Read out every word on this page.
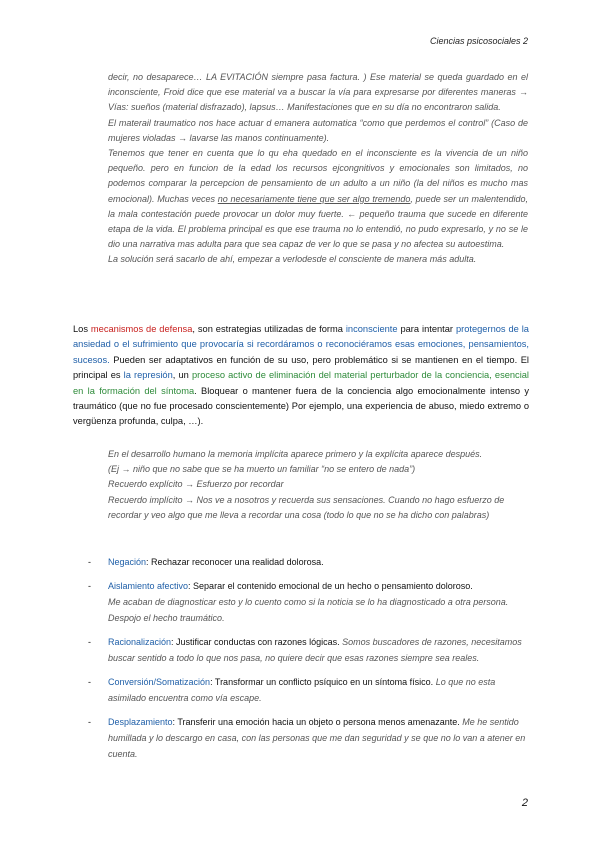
Ciencias psicosociales 2

decir, no desaparece… LA EVITACIÓN siempre pasa factura. ) Ese material se queda guardado en el inconsciente, Froid dice que ese material va a buscar la vía para expresarse por diferentes maneras → Vías: sueños (material disfrazado), lapsus… Manifestaciones que en su día no encontraron salida.

El materail traumatico nos hace actuar d emanera automatica “como que perdemos el control” (Caso de mujeres violadas → lavarse las manos continuamente).

Tenemos que tener en cuenta que lo qu eha quedado en el inconsciente es la vivencia de un niño pequeño. pero en funcion de la edad los recursos ejcongnitivos y emocionales son limitados, no podemos comparar la percepcion de pensamiento de un adulto a un niño (la del niños es mucho mas emocional). Muchas veces no necesariamente tiene que ser algo tremendo, puede ser un malentendido, la mala contestación puede provocar un dolor muy fuerte. ← pequeño trauma que sucede en diferente etapa de la vida. El problema principal es que ese trauma no lo entendió, no pudo expresarlo, y no se le dio una narrativa mas adulta para que sea capaz de ver lo que se pasa y no afectea su autoestima.

La solución será sacarlo de ahí, empezar a verlodesde el consciente de manera más adulta.

Los mecanismos de defensa, son estrategias utilizadas de forma inconsciente para intentar protegernos de la ansiedad o el sufrimiento que provocaría si recordáramos o reconociéramos esas emociones, pensamientos, sucesos. Pueden ser adaptativos en función de su uso, pero problemático si se mantienen en el tiempo. El principal es la represión, un proceso activo de eliminación del material perturbador de la conciencia, esencial en la formación del síntoma. Bloquear o mantener fuera de la conciencia algo emocionalmente intenso y traumático (que no fue procesado conscientemente) Por ejemplo, una experiencia de abuso, miedo extremo o vergüenza profunda, culpa, …).

En el desarrollo humano la memoria implícita aparece primero y la explícita aparece después.

(Ej → niño que no sabe que se ha muerto un familiar “no se entero de nada”)

Recuerdo explícito → Esfuerzo por recordar

Recuerdo implícito → Nos ve a nosotros y recuerda sus sensaciones. Cuando no hago esfuerzo de recordar y veo algo que me lleva a recordar una cosa (todo lo que no se ha dicho con palabras)

- Negación: Rechazar reconocer una realidad dolorosa.
- Aislamiento afectivo: Separar el contenido emocional de un hecho o pensamiento doloroso.
Me acaban de diagnosticar esto y lo cuento como si la noticia se lo ha diagnosticado a otra persona. Despojo el hecho traumático.
- Racionalización: Justificar conductas con razones lógicas. Somos buscadores de razones, necesitamos buscar sentido a todo lo que nos pasa, no quiere decir que esas razones siempre sea reales.
- Conversión/Somatización: Transformar un conflicto psíquico en un síntoma físico. Lo que no esta asimilado encuentra como vía escape.
- Desplazamiento: Transferir una emoción hacia un objeto o persona menos amenazante. Me he sentido humillada y lo descargo en casa, con las personas que me dan seguridad y se que no lo van a atener en cuenta.
2
